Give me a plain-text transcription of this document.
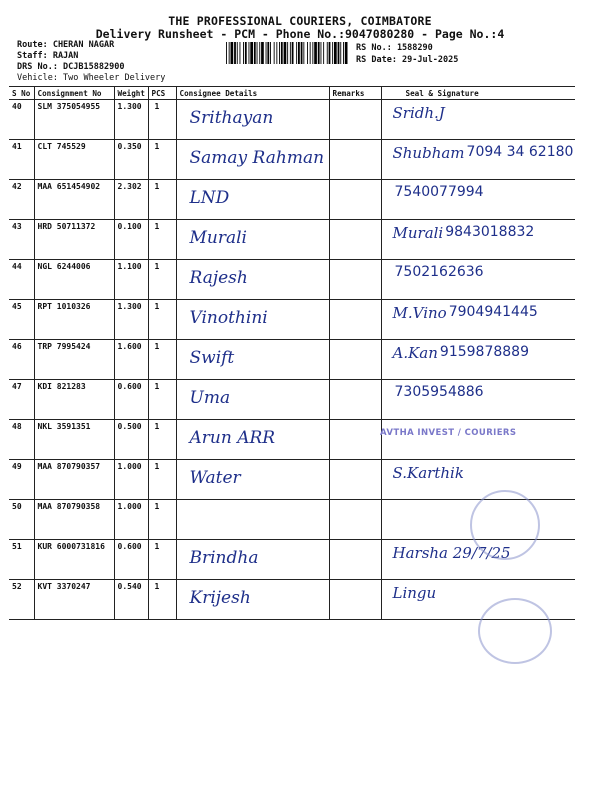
THE PROFESSIONAL COURIERS, COIMBATORE
Delivery Runsheet - PCM - Phone No.:9047080280 - Page No.:4
Route: CHERAN NAGAR
Staff: RAJAN
DRS No.: DCJB15882900
Vehicle: Two Wheeler Delivery
RS No.: 1588290
RS Date: 29-Jul-2025
S No	Consignment No	Weight	PCS	Consignee Details	Remarks	Seal & Signature
40	SLM 375054955	1.300	1	Srithayan		Sridh.J
41	CLT 745529	0.350	1	Samay Rahman		Shubham 7094 34 62180
42	MAA 651454902	2.302	1	LND		7540077994
43	HRD 50711372	0.100	1	Murali		Murali 9843018832
44	NGL 6244006	1.100	1	Rajesh		7502162636
45	RPT 1010326	1.300	1	Vinothini		M.Vino 7904941445
46	TRP 7995424	1.600	1	Swift		A.Kan 9159878889
47	KDI 821283	0.600	1	Uma		7305954886
48	NKL 3591351	0.500	1	Arun ARR		
49	MAA 870790357	1.000	1	Water		S.Karthik
50	MAA 870790358	1.000	1			
51	KUR 6000731816	0.600	1	Brindha		Harsha 29/7/25
52	KVT 3370247	0.540	1	Krijesh		Lingu
AVTHA INVEST / COURIERS
